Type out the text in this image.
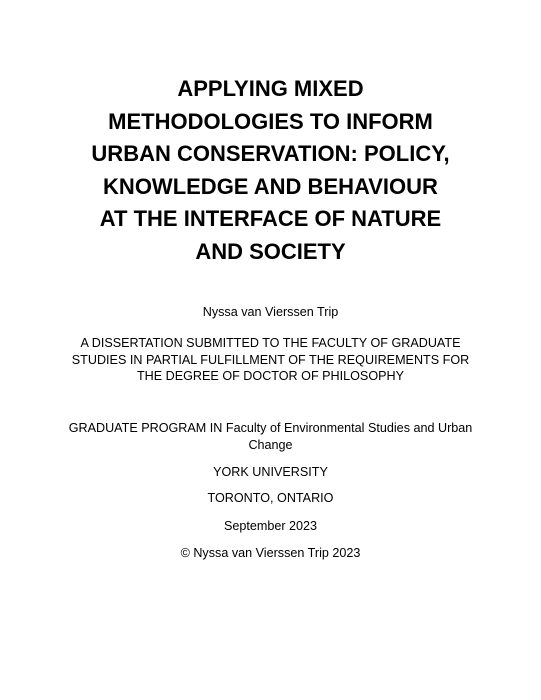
APPLYING MIXED
METHODOLOGIES TO INFORM
URBAN CONSERVATION: POLICY,
KNOWLEDGE AND BEHAVIOUR
AT THE INTERFACE OF NATURE
AND SOCIETY

Nyssa van Vierssen Trip

A DISSERTATION SUBMITTED TO THE FACULTY OF GRADUATE
STUDIES IN PARTIAL FULFILLMENT OF THE REQUIREMENTS FOR
THE DEGREE OF DOCTOR OF PHILOSOPHY

GRADUATE PROGRAM IN Faculty of Environmental Studies and Urban
Change

YORK UNIVERSITY

TORONTO, ONTARIO

September 2023

© Nyssa van Vierssen Trip 2023
